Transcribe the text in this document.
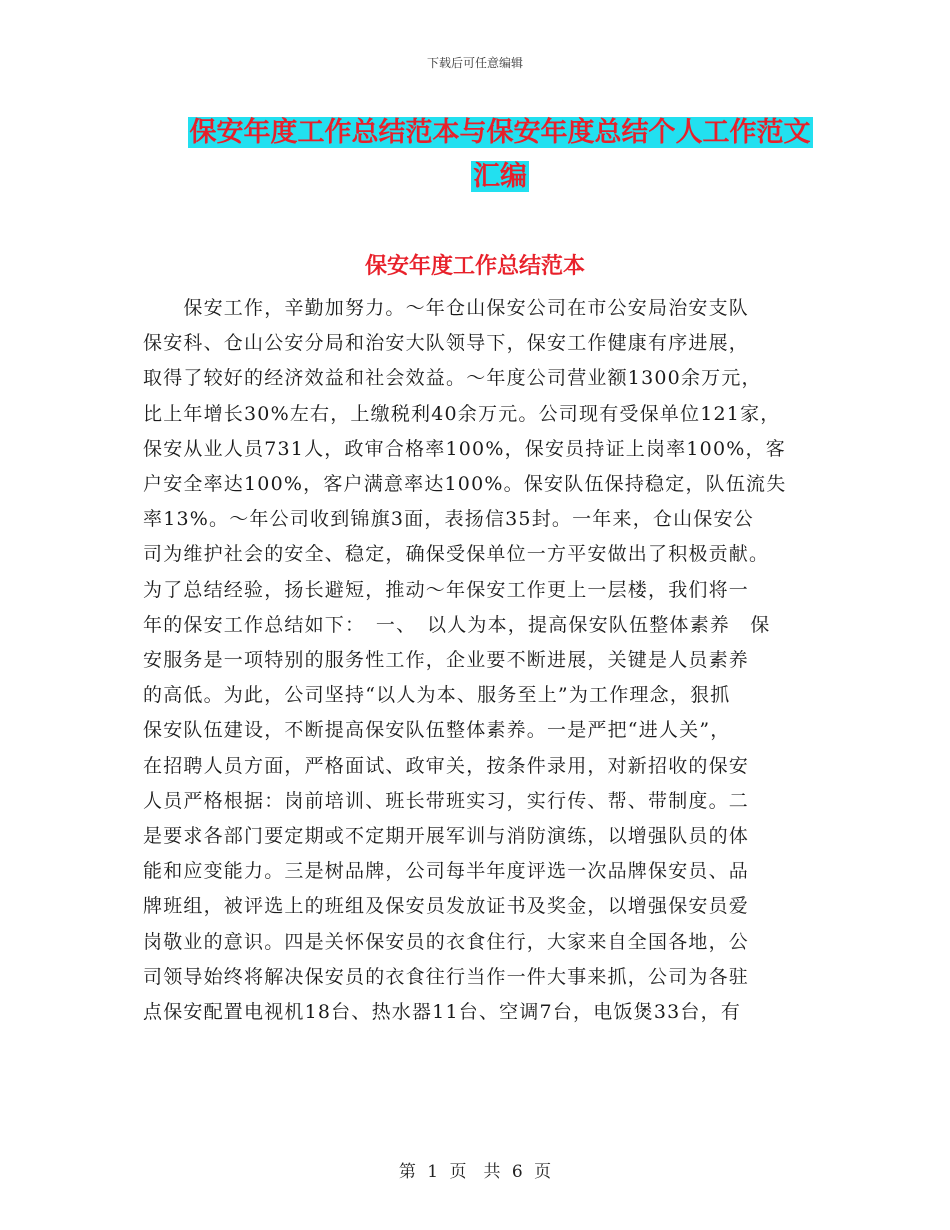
下载后可任意编辑
保安年度工作总结范本与保安年度总结个人工作范文
汇编
保安年度工作总结范本
　　保安工作，辛勤加努力。～年仓山保安公司在市公安局治安支队
保安科、仓山公安分局和治安大队领导下，保安工作健康有序进展，
取得了较好的经济效益和社会效益。～年度公司营业额1300余万元，
比上年增长30%左右，上缴税利40余万元。公司现有受保单位121家，
保安从业人员731人，政审合格率100%，保安员持证上岗率100%，客
户安全率达100%，客户满意率达100%。保安队伍保持稳定，队伍流失
率13%。～年公司收到锦旗3面，表扬信35封。一年来，仓山保安公
司为维护社会的安全、稳定，确保受保单位一方平安做出了积极贡献。
为了总结经验，扬长避短，推动～年保安工作更上一层楼，我们将一
年的保安工作总结如下：　一、　以人为本，提高保安队伍整体素养　保
安服务是一项特别的服务性工作，企业要不断进展，关键是人员素养
的高低。为此，公司坚持“以人为本、服务至上”为工作理念，狠抓
保安队伍建设，不断提高保安队伍整体素养。一是严把“进人关”，
在招聘人员方面，严格面试、政审关，按条件录用，对新招收的保安
人员严格根据：岗前培训、班长带班实习，实行传、帮、带制度。二
是要求各部门要定期或不定期开展军训与消防演练，以增强队员的体
能和应变能力。三是树品牌，公司每半年度评选一次品牌保安员、品
牌班组，被评选上的班组及保安员发放证书及奖金，以增强保安员爱
岗敬业的意识。四是关怀保安员的衣食住行，大家来自全国各地，公
司领导始终将解决保安员的衣食往行当作一件大事来抓，公司为各驻
点保安配置电视机18台、热水器11台、空调7台，电饭煲33台，有
第 1 页　共 6 页
